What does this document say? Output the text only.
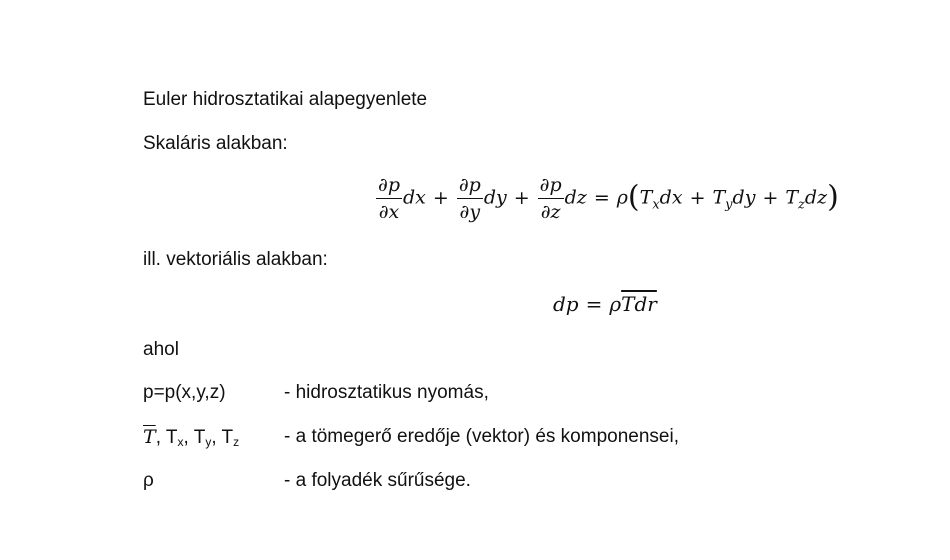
Euler hidrosztatikai alapegyenlete
Skaláris alakban:
$\frac{\partial p}{\partial x}$ dx + $\frac{\partial p}{\partial y}$ dy + $\frac{\partial p}{\partial z}$ dz = $\rho(T_xdx + T_ydy + T_zdz)$
ill. vektoriális alakban:
dp = $\rho\overline{T}\overline{dr}$
ahol
p=p(x,y,z)	- hidrosztatikus nyomás,
$\overline{T}$, Tx, Ty, Tz - a tömegerő eredője (vektor) és komponensei,
ρ	- a folyadék sűrűsége.
